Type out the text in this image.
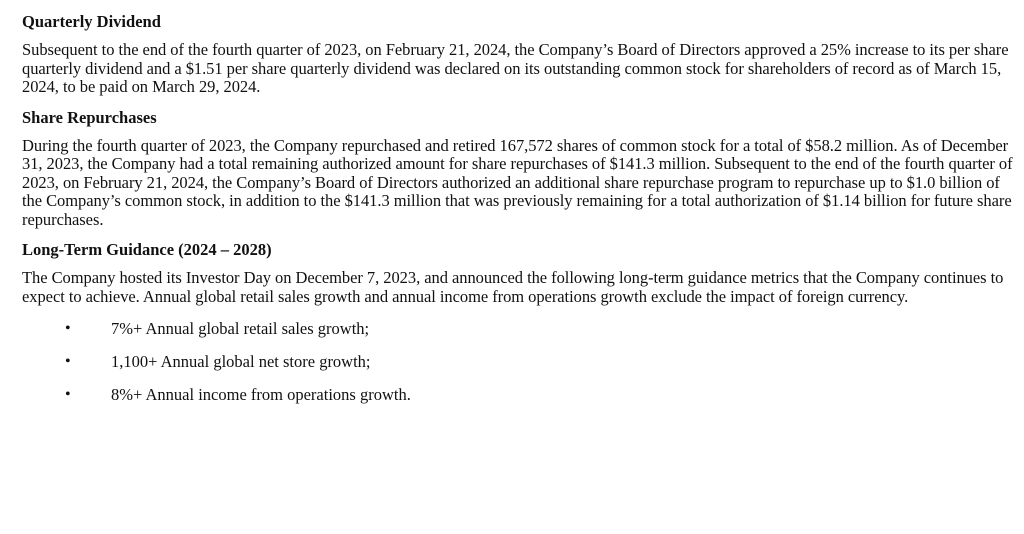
Quarterly Dividend

Subsequent to the end of the fourth quarter of 2023, on February 21, 2024, the Company’s Board of Directors approved a 25% increase to its per share quarterly dividend and a $1.51 per share quarterly dividend was declared on its outstanding common stock for shareholders of record as of March 15, 2024, to be paid on March 29, 2024.

Share Repurchases

During the fourth quarter of 2023, the Company repurchased and retired 167,572 shares of common stock for a total of $58.2 million. As of December 31, 2023, the Company had a total remaining authorized amount for share repurchases of $141.3 million. Subsequent to the end of the fourth quarter of 2023, on February 21, 2024, the Company’s Board of Directors authorized an additional share repurchase program to repurchase up to $1.0 billion of the Company’s common stock, in addition to the $141.3 million that was previously remaining for a total authorization of $1.14 billion for future share repurchases.

Long-Term Guidance (2024 – 2028)

The Company hosted its Investor Day on December 7, 2023, and announced the following long-term guidance metrics that the Company continues to expect to achieve. Annual global retail sales growth and annual income from operations growth exclude the impact of foreign currency.

• 7%+ Annual global retail sales growth;
• 1,100+ Annual global net store growth;
• 8%+ Annual income from operations growth.
